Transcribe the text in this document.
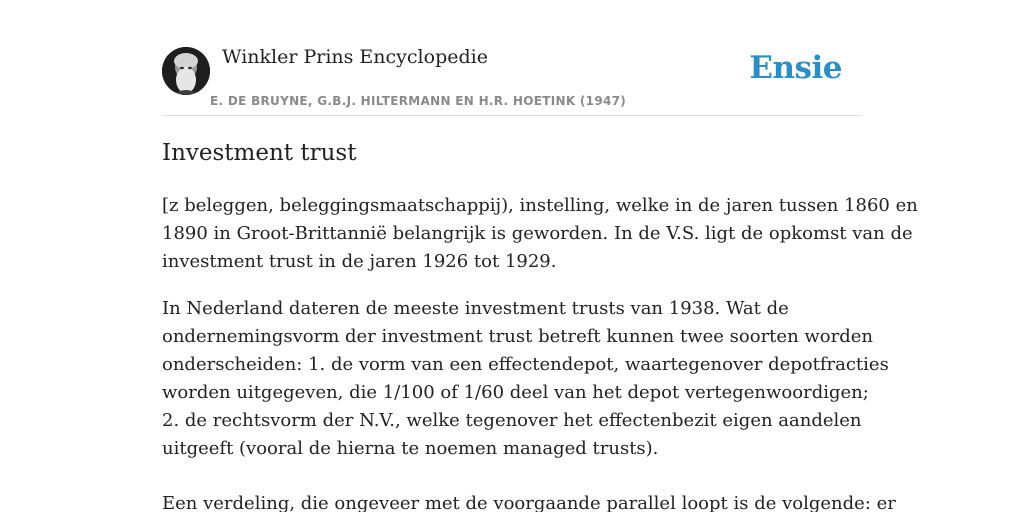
Winkler Prins Encyclopedie
E. DE BRUYNE, G.B.J. HILTERMANN EN H.R. HOETINK (1947)
Ensie
Investment trust
[z beleggen, beleggingsmaatschappij), instelling, welke in de jaren tussen 1860 en
1890 in Groot-Brittannië belangrijk is geworden. In de V.S. ligt de opkomst van de
investment trust in de jaren 1926 tot 1929.
In Nederland dateren de meeste investment trusts van 1938. Wat de
ondernemingsvorm der investment trust betreft kunnen twee soorten worden
onderscheiden: 1. de vorm van een effectendepot, waartegenover depotfracties
worden uitgegeven, die 1/100 of 1/60 deel van het depot vertegenwoordigen;
2. de rechtsvorm der N.V., welke tegenover het effectenbezit eigen aandelen
uitgeeft (vooral de hierna te noemen managed trusts).
Een verdeling, die ongeveer met de voorgaande parallel loopt is de volgende: er
